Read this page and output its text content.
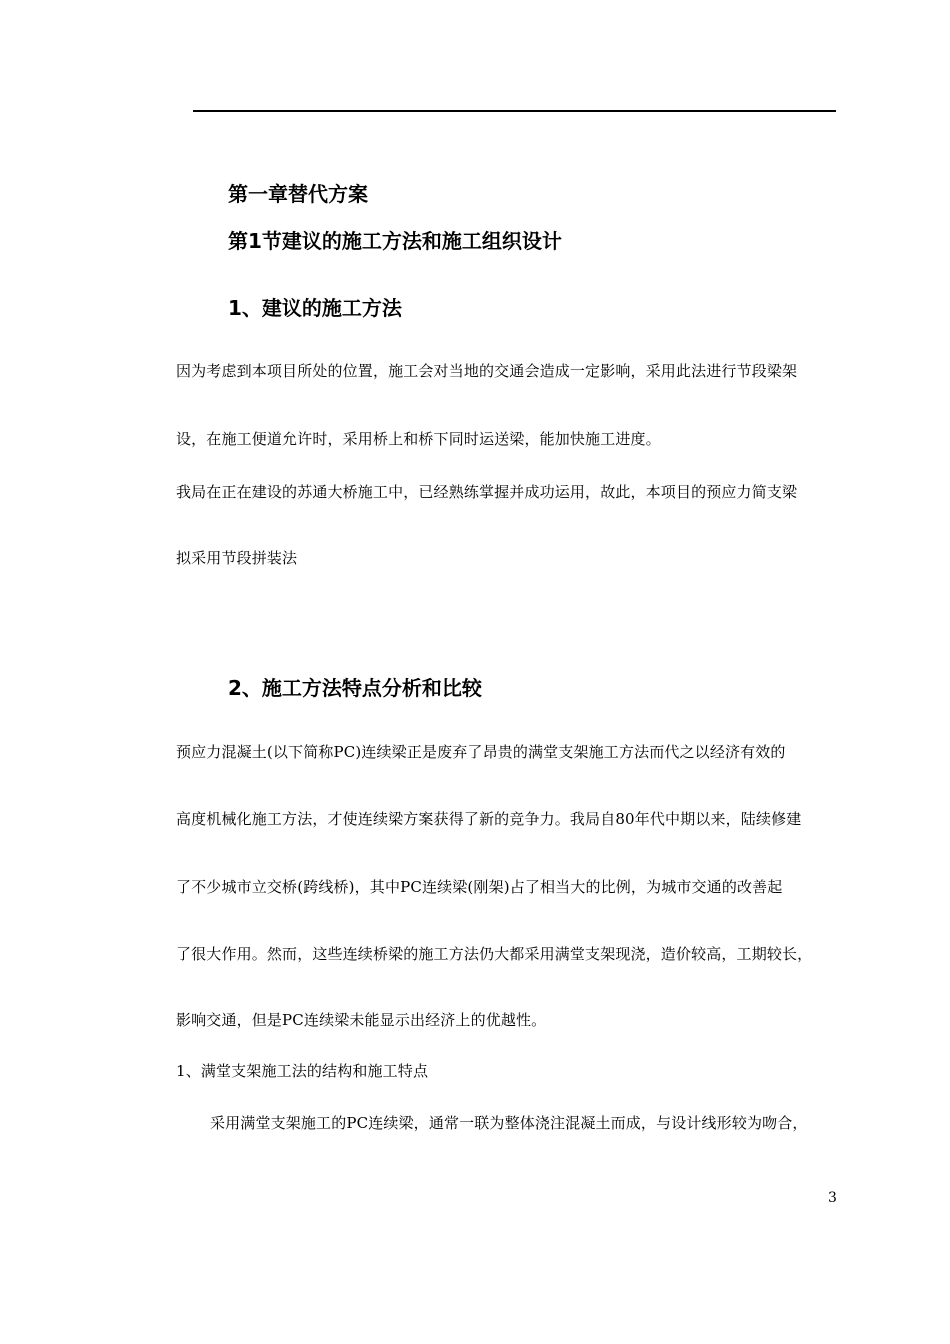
第一章替代方案
第1节建议的施工方法和施工组织设计
1、建议的施工方法
因为考虑到本项目所处的位置，施工会对当地的交通会造成一定影响，采用此法进行节段梁架
设，在施工便道允许时，采用桥上和桥下同时运送梁，能加快施工进度。
我局在正在建设的苏通大桥施工中，已经熟练掌握并成功运用，故此，本项目的预应力简支梁
拟采用节段拼装法
2、施工方法特点分析和比较
预应力混凝土(以下简称PC)连续梁正是废弃了昂贵的满堂支架施工方法而代之以经济有效的
高度机械化施工方法，才使连续梁方案获得了新的竞争力。我局自80年代中期以来，陆续修建
了不少城市立交桥(跨线桥)，其中PC连续梁(刚架)占了相当大的比例，为城市交通的改善起
了很大作用。然而，这些连续桥梁的施工方法仍大都采用满堂支架现浇，造价较高，工期较长，
影响交通，但是PC连续梁未能显示出经济上的优越性。
1、满堂支架施工法的结构和施工特点
采用满堂支架施工的PC连续梁，通常一联为整体浇注混凝土而成，与设计线形较为吻合，
3
